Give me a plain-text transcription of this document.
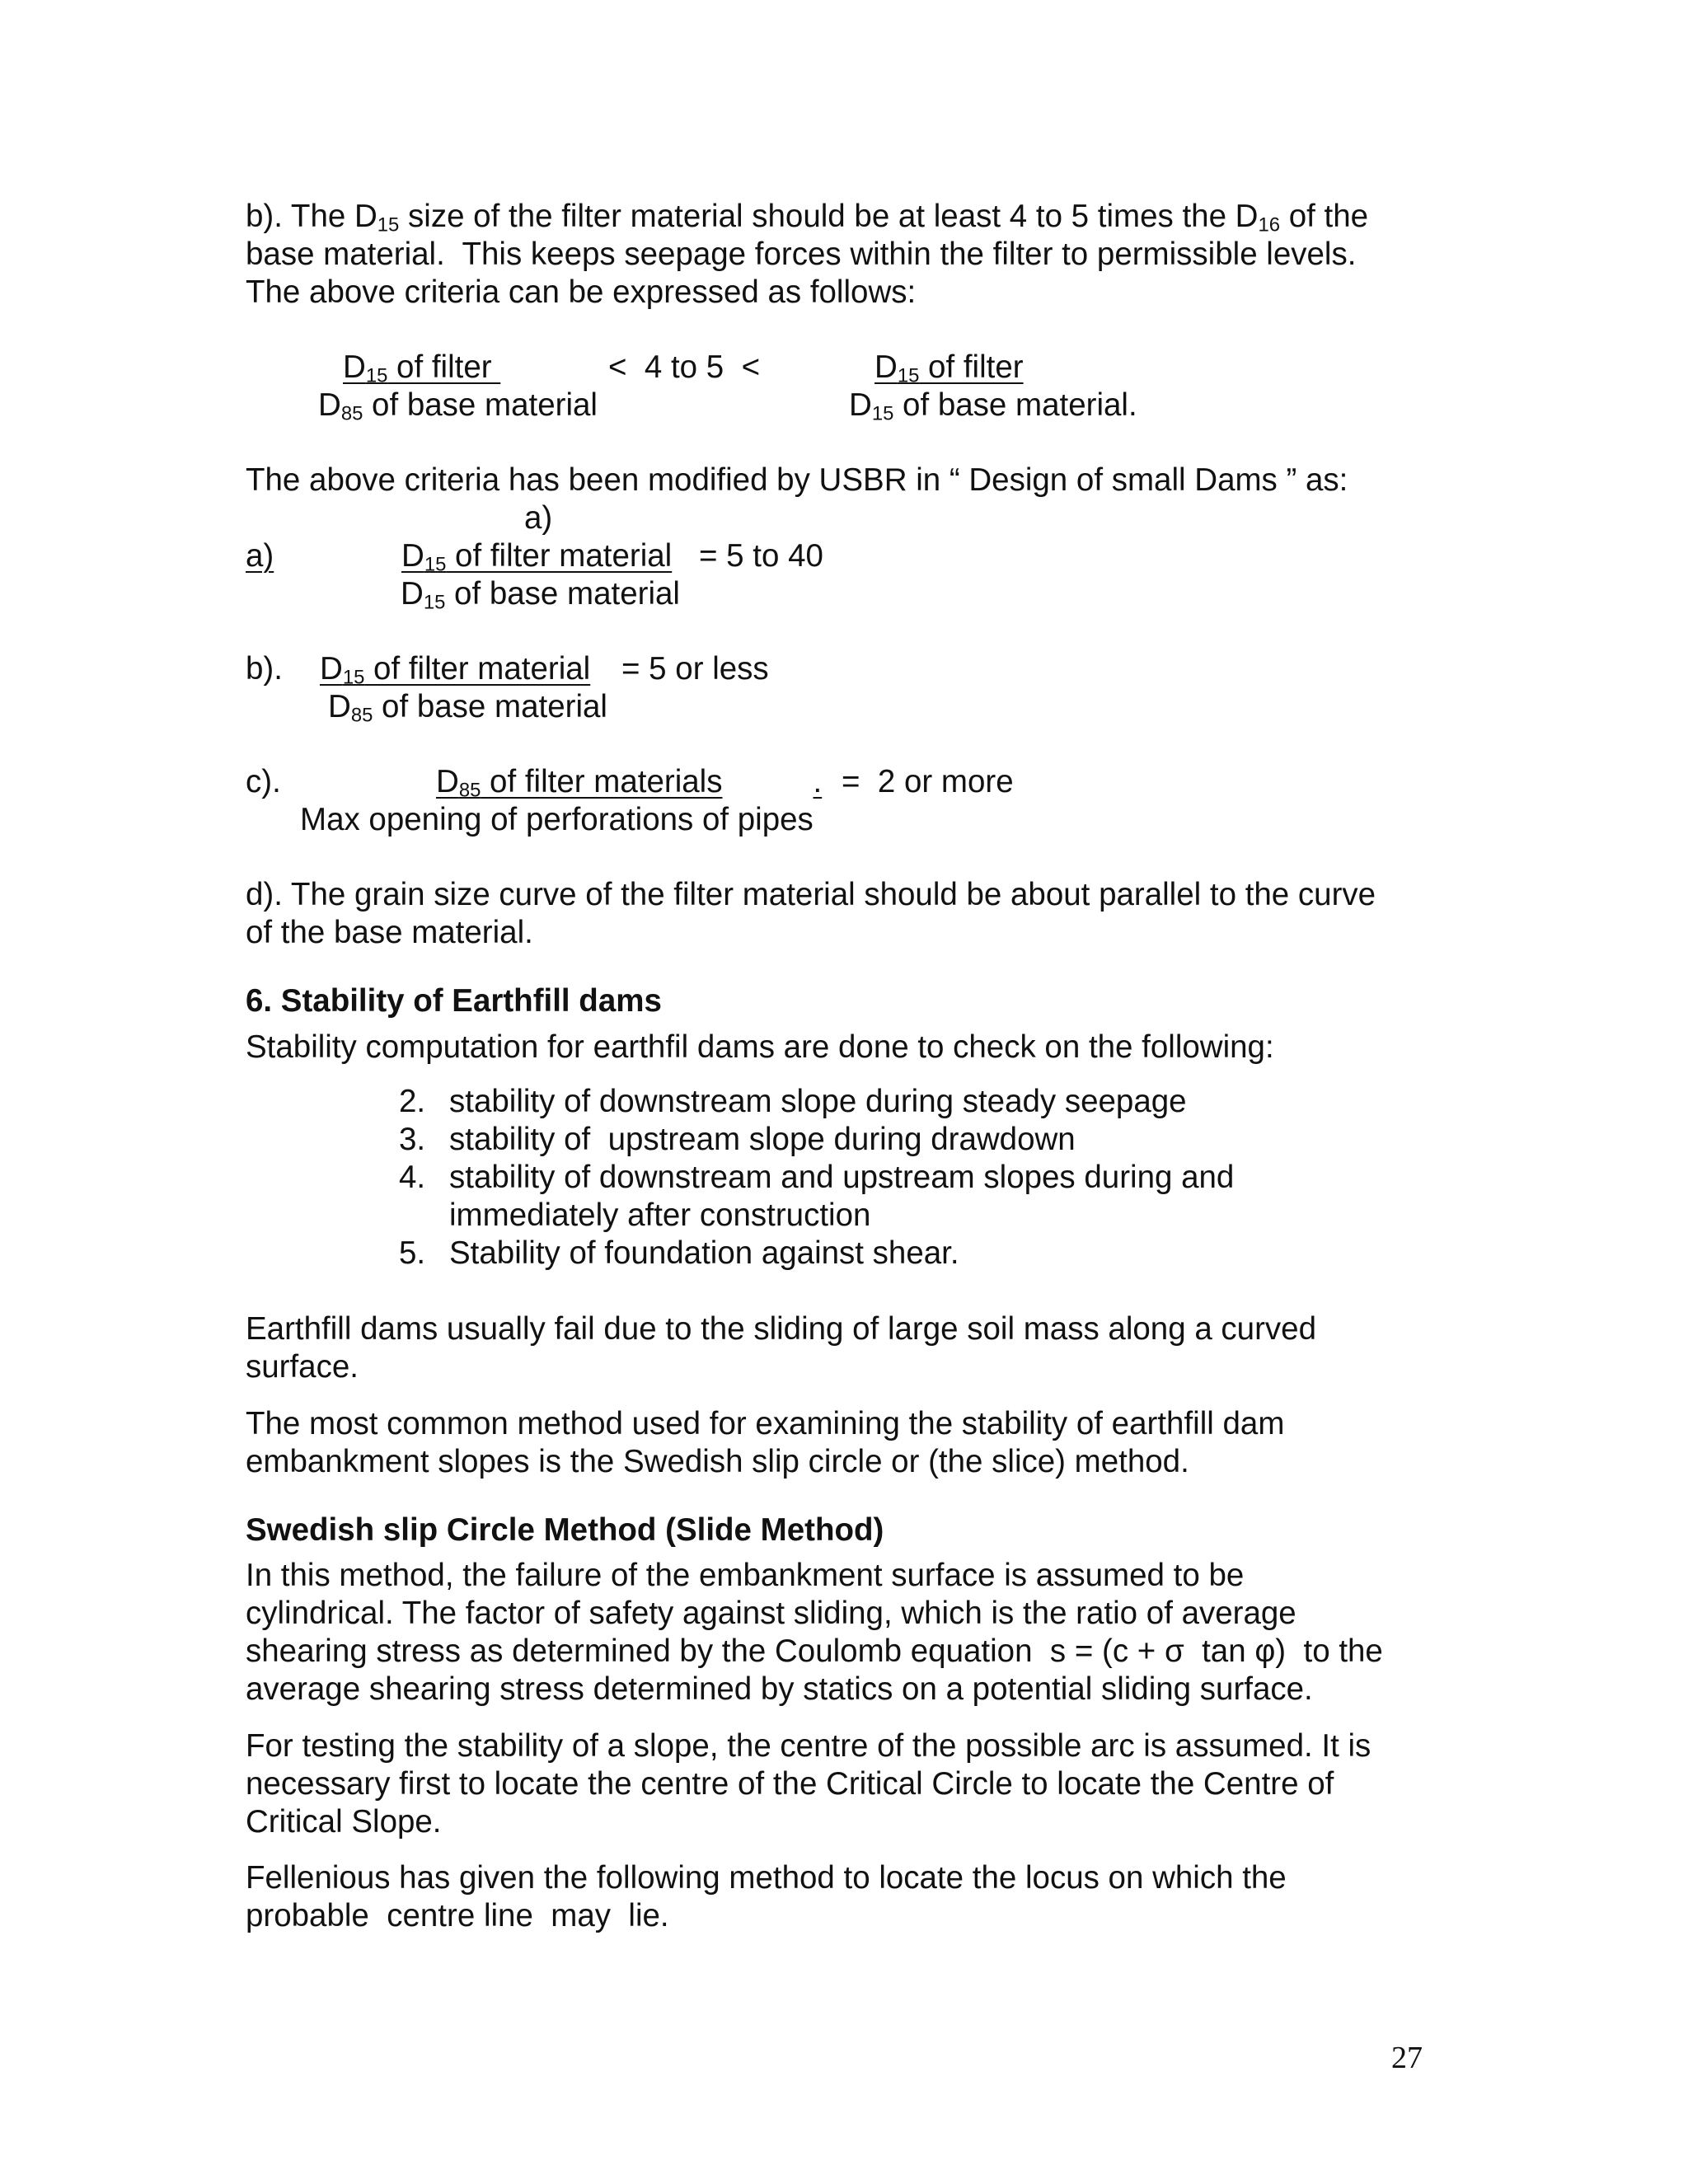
b). The $D_{15}$ size of the filter material should be at least 4 to 5 times the $D_{16}$ of the
base material.  This keeps seepage forces within the filter to permissible levels.
The above criteria can be expressed as follows:
$D_{15}$ of filter
$D_{85}$ of base material
<  4 to 5  <	$D_{15}$ of filter
$D_{15}$ of base material.
The above criteria has been modified by USBR in “ Design of small Dams ” as:
a)
a)	$D_{15}$ of filter material = 5 to 40
$D_{15}$ of base material
b). $D_{15}$ of filter material = 5 or less
$D_{85}$ of base material
c).	$D_{85}$ of filter materials	. =  2 or more
Max opening of perforations of pipes
d). The grain size curve of the filter material should be about parallel to the curve
of the base material.
6. Stability of Earthfill dams
Stability computation for earthfil dams are done to check on the following:
2. stability of downstream slope during steady seepage
3. stability of  upstream slope during drawdown
4. stability of downstream and upstream slopes during and
immediately after construction
5. Stability of foundation against shear.
Earthfill dams usually fail due to the sliding of large soil mass along a curved
surface.
The most common method used for examining the stability of earthfill dam
embankment slopes is the Swedish slip circle or (the slice) method.
Swedish slip Circle Method (Slide Method)
In this method, the failure of the embankment surface is assumed to be
cylindrical. The factor of safety against sliding, which is the ratio of average
shearing stress as determined by the Coulomb equation  s = (c + σ  tan φ)  to the
average shearing stress determined by statics on a potential sliding surface.
For testing the stability of a slope, the centre of the possible arc is assumed. It is
necessary first to locate the centre of the Critical Circle to locate the Centre of
Critical Slope.
Fellenious has given the following method to locate the locus on which the
probable  centre line  may  lie.
27
